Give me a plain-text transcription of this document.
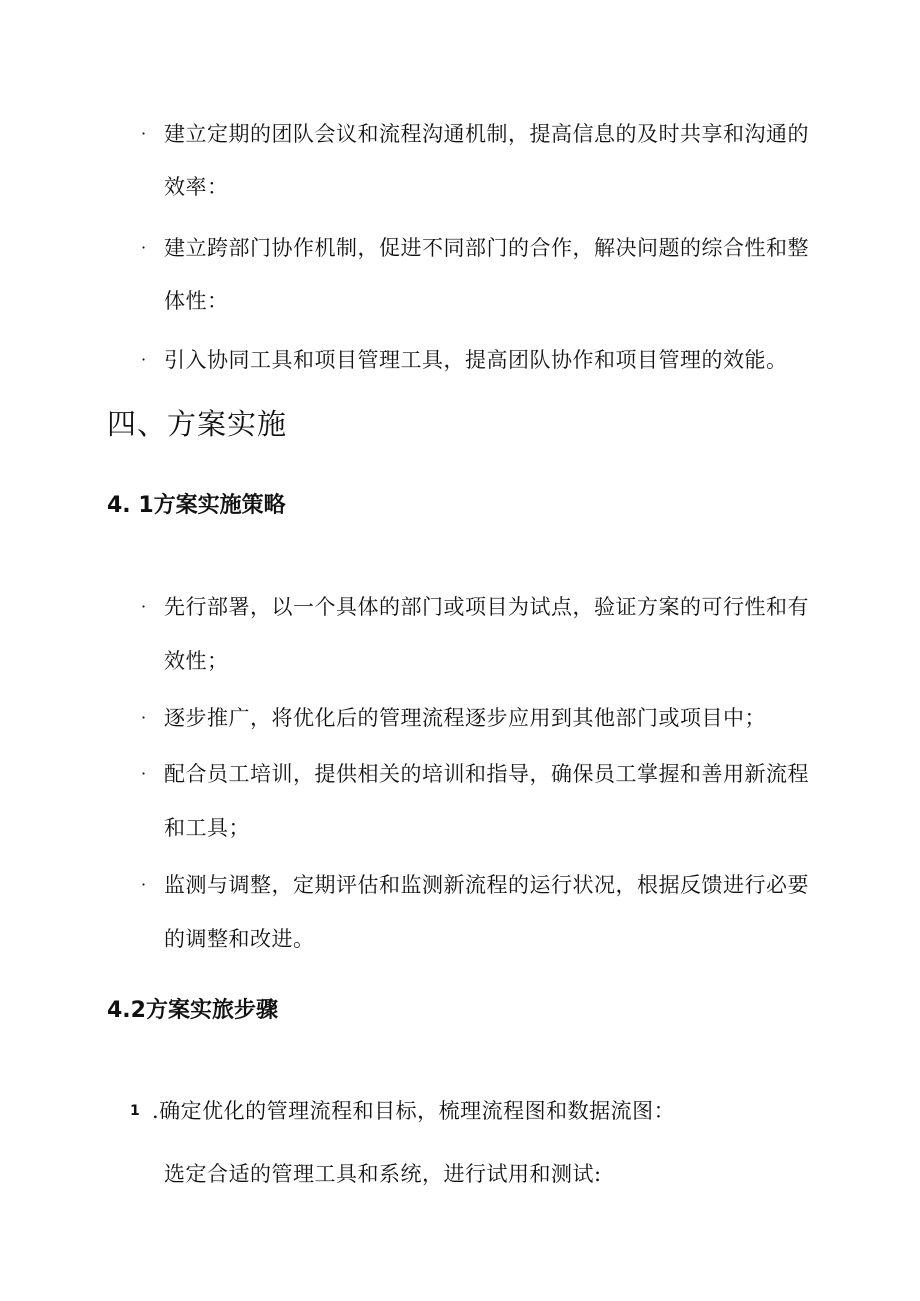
· 建立定期的团队会议和流程沟通机制，提高信息的及时共享和沟通的
效率：
· 建立跨部门协作机制，促进不同部门的合作，解决问题的综合性和整
体性：
· 引入协同工具和项目管理工具，提高团队协作和项目管理的效能。
四、方案实施
4. 1方案实施策略
· 先行部署，以一个具体的部门或项目为试点，验证方案的可行性和有
效性；
· 逐步推广，将优化后的管理流程逐步应用到其他部门或项目中；
· 配合员工培训，提供相关的培训和指导，确保员工掌握和善用新流程
和工具；
· 监测与调整，定期评估和监测新流程的运行状况，根据反馈进行必要
的调整和改进。
4.2方案实旅步骤
1 .确定优化的管理流程和目标，梳理流程图和数据流图：
选定合适的管理工具和系统，进行试用和测试:
